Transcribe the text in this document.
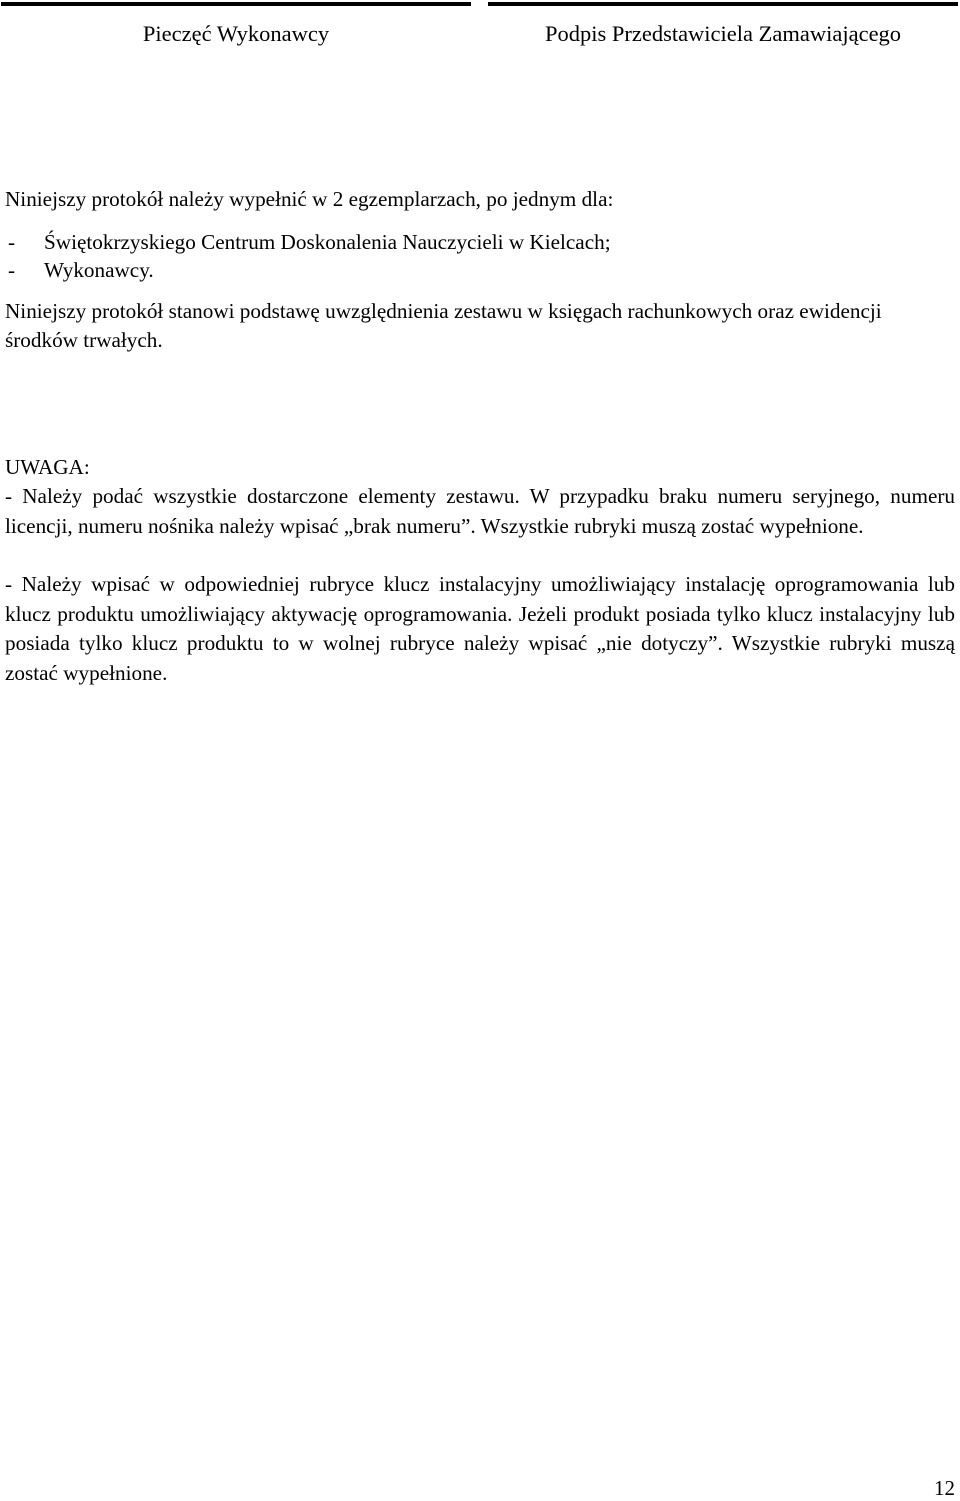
Pieczęć Wykonawcy	Podpis Przedstawiciela Zamawiającego

Niniejszy protokół należy wypełnić w 2 egzemplarzach, po jednym dla:

- Świętokrzyskiego Centrum Doskonalenia Nauczycieli w Kielcach;
- Wykonawcy.

Niniejszy protokół stanowi podstawę uwzględnienia zestawu w księgach rachunkowych oraz ewidencji środków trwałych.

UWAGA:

- Należy podać wszystkie dostarczone elementy zestawu. W przypadku braku numeru seryjnego, numeru licencji, numeru nośnika należy wpisać „brak numeru”. Wszystkie rubryki muszą zostać wypełnione.

- Należy wpisać w odpowiedniej rubryce klucz instalacyjny umożliwiający instalację oprogramowania lub klucz produktu umożliwiający aktywację oprogramowania. Jeżeli produkt posiada tylko klucz instalacyjny lub posiada tylko klucz produktu to w wolnej rubryce należy wpisać „nie dotyczy”. Wszystkie rubryki muszą zostać wypełnione.

12
